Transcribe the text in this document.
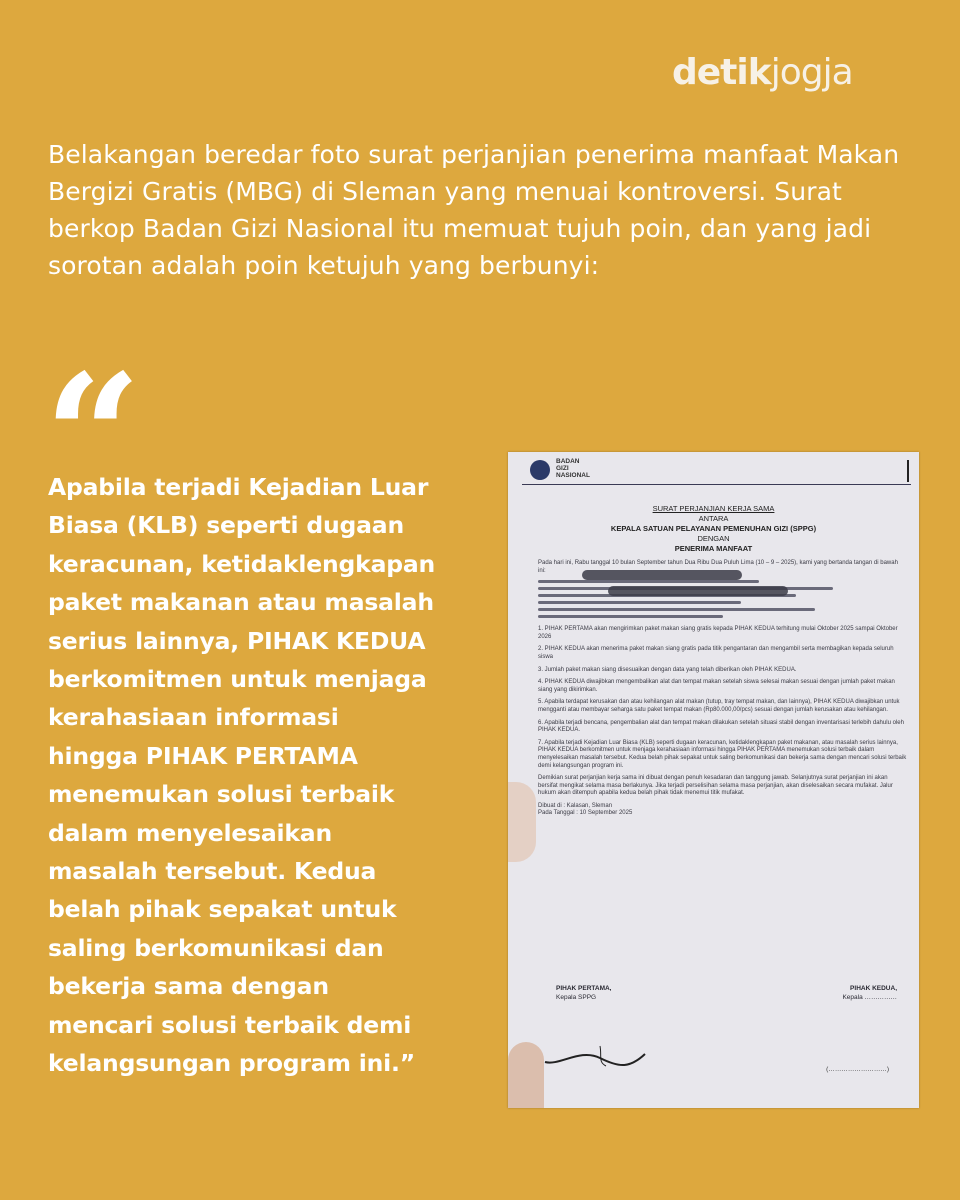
detikjogja
Belakangan beredar foto surat perjanjian penerima manfaat Makan Bergizi Gratis (MBG) di Sleman yang menuai kontroversi. Surat berkop Badan Gizi Nasional itu memuat tujuh poin, dan yang jadi sorotan adalah poin ketujuh yang berbunyi:
“
Apabila terjadi Kejadian Luar
Biasa (KLB) seperti dugaan
keracunan, ketidaklengkapan
paket makanan atau masalah
serius lainnya, PIHAK KEDUA
berkomitmen untuk menjaga
kerahasiaan informasi
hingga PIHAK PERTAMA
menemukan solusi terbaik
dalam menyelesaikan
masalah tersebut. Kedua
belah pihak sepakat untuk
saling berkomunikasi dan
bekerja sama dengan
mencari solusi terbaik demi
kelangsungan program ini.”
BADAN
GIZI
NASIONAL
SURAT PERJANJIAN KERJA SAMA
ANTARA
KEPALA SATUAN PELAYANAN PEMENUHAN GIZI (SPPG)
DENGAN
PENERIMA MANFAAT

Pada hari ini, Rabu tanggal 10 bulan September tahun Dua Ribu Dua Puluh Lima (10 – 9 – 2025), kami yang bertanda tangan di bawah ini:

1. PIHAK PERTAMA akan mengirimkan paket makan siang gratis kepada PIHAK KEDUA terhitung mulai Oktober 2025 sampai Oktober 2026

2. PIHAK KEDUA akan menerima paket makan siang gratis pada titik pengantaran dan mengambil serta membagikan kepada seluruh siswa

3. Jumlah paket makan siang disesuaikan dengan data yang telah diberikan oleh PIHAK KEDUA.

4. PIHAK KEDUA diwajibkan mengembalikan alat dan tempat makan setelah siswa selesai makan sesuai dengan jumlah paket makan siang yang dikirimkan.

5. Apabila terdapat kerusakan dan atau kehilangan alat makan (tutup, tray tempat makan, dan lainnya), PIHAK KEDUA diwajibkan untuk mengganti atau membayar seharga satu paket tempat makan (Rp80.000,00/pcs) sesuai dengan jumlah kerusakan atau kehilangan.

6. Apabila terjadi bencana, pengembalian alat dan tempat makan dilakukan setelah situasi stabil dengan inventarisasi terlebih dahulu oleh PIHAK KEDUA.

7. Apabila terjadi Kejadian Luar Biasa (KLB) seperti dugaan keracunan, ketidaklengkapan paket makanan, atau masalah serius lainnya, PIHAK KEDUA berkomitmen untuk menjaga kerahasiaan informasi hingga PIHAK PERTAMA menemukan solusi terbaik dalam menyelesaikan masalah tersebut. Kedua belah pihak sepakat untuk saling berkomunikasi dan bekerja sama dengan mencari solusi terbaik demi kelangsungan program ini.

Demikian surat perjanjian kerja sama ini dibuat dengan penuh kesadaran dan tanggung jawab. Selanjutnya surat perjanjian ini akan bersifat mengikat selama masa berlakunya. Jika terjadi perselisihan selama masa perjanjian, akan diselesaikan secara mufakat. Jalur hukum akan ditempuh apabila kedua belah pihak tidak menemui titik mufakat.

Dibuat di : Kalasan, Sleman
Pada Tanggal : 10 September 2025
PIHAK PERTAMA,
Kepala SPPG
PIHAK KEDUA,
Kepala ……………
(………………………)
